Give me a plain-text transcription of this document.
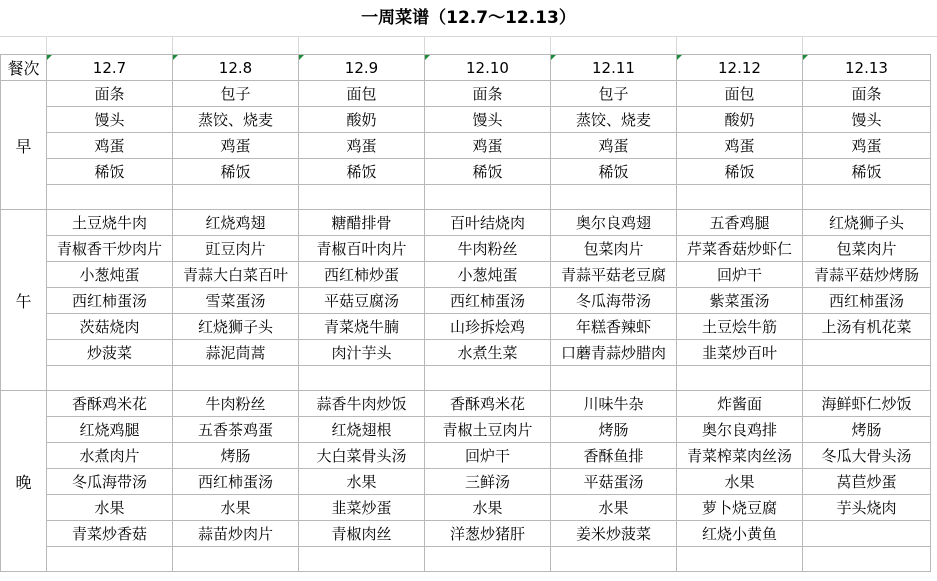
一周菜谱（12.7～12.13）
餐次	12.7	12.8	12.9	12.10	12.11	12.12	12.13
早	面条	包子	面包	面条	包子	面包	面条
	馒头	蒸饺、烧麦	酸奶	馒头	蒸饺、烧麦	酸奶	馒头
	鸡蛋	鸡蛋	鸡蛋	鸡蛋	鸡蛋	鸡蛋	鸡蛋
	稀饭	稀饭	稀饭	稀饭	稀饭	稀饭	稀饭

午	土豆烧牛肉	红烧鸡翅	糖醋排骨	百叶结烧肉	奥尔良鸡翅	五香鸡腿	红烧狮子头
	青椒香干炒肉片	豇豆肉片	青椒百叶肉片	牛肉粉丝	包菜肉片	芹菜香菇炒虾仁	包菜肉片
	小葱炖蛋	青蒜大白菜百叶	西红柿炒蛋	小葱炖蛋	青蒜平菇老豆腐	回炉干	青蒜平菇炒烤肠
	西红柿蛋汤	雪菜蛋汤	平菇豆腐汤	西红柿蛋汤	冬瓜海带汤	紫菜蛋汤	西红柿蛋汤
	茨菇烧肉	红烧狮子头	青菜烧牛腩	山珍拆烩鸡	年糕香辣虾	土豆烩牛筋	上汤有机花菜
	炒菠菜	蒜泥茼蒿	肉汁芋头	水煮生菜	口蘑青蒜炒腊肉	韭菜炒百叶	

晚	香酥鸡米花	牛肉粉丝	蒜香牛肉炒饭	香酥鸡米花	川味牛杂	炸酱面	海鲜虾仁炒饭
	红烧鸡腿	五香茶鸡蛋	红烧翅根	青椒土豆肉片	烤肠	奥尔良鸡排	烤肠
	水煮肉片	烤肠	大白菜骨头汤	回炉干	香酥鱼排	青菜榨菜肉丝汤	冬瓜大骨头汤
	冬瓜海带汤	西红柿蛋汤	水果	三鲜汤	平菇蛋汤	水果	莴苣炒蛋
	水果	水果	韭菜炒蛋	水果	水果	萝卜烧豆腐	芋头烧肉
	青菜炒香菇	蒜苗炒肉片	青椒肉丝	洋葱炒猪肝	姜米炒菠菜	红烧小黄鱼	
